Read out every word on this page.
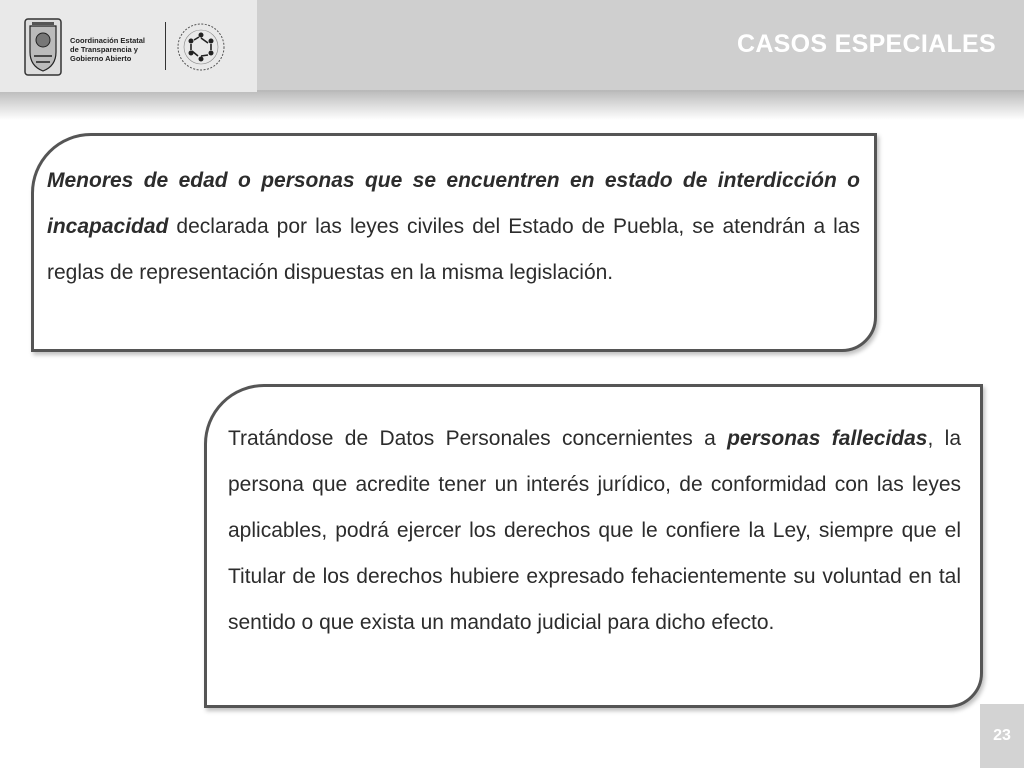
Coordinación Estatal
de Transparencia y
Gobierno Abierto
CASOS ESPECIALES

Menores de edad o personas que se encuentren en estado de interdicción o incapacidad declarada por las leyes civiles del Estado de Puebla, se atendrán a las reglas de representación dispuestas en la misma legislación.

Tratándose de Datos Personales concernientes a personas fallecidas, la persona que acredite tener un interés jurídico, de conformidad con las leyes aplicables, podrá ejercer los derechos que le confiere la Ley, siempre que el Titular de los derechos hubiere expresado fehacientemente su voluntad en tal sentido o que exista un mandato judicial para dicho efecto.

23
